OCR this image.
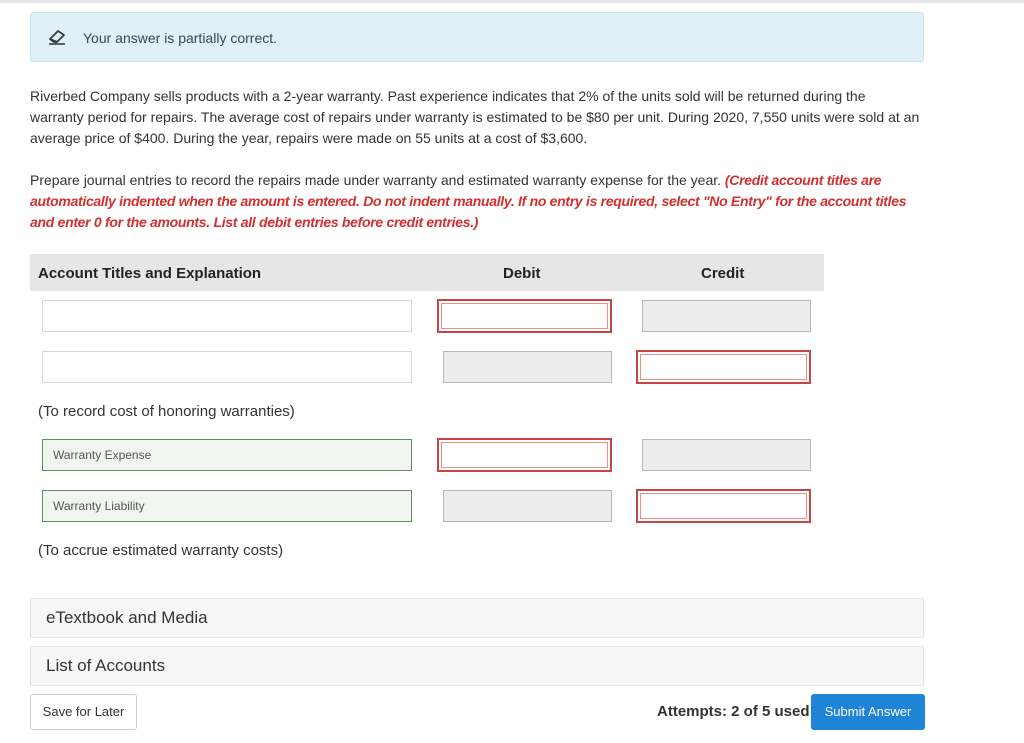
Your answer is partially correct.
Riverbed Company sells products with a 2-year warranty. Past experience indicates that 2% of the units sold will be returned during the warranty period for repairs. The average cost of repairs under warranty is estimated to be $80 per unit. During 2020, 7,550 units were sold at an average price of $400. During the year, repairs were made on 55 units at a cost of $3,600.
Prepare journal entries to record the repairs made under warranty and estimated warranty expense for the year. (Credit account titles are automatically indented when the amount is entered. Do not indent manually. If no entry is required, select "No Entry" for the account titles and enter 0 for the amounts. List all debit entries before credit entries.)
Account Titles and Explanation	Debit	Credit
(To record cost of honoring warranties)
Warranty Expense
Warranty Liability
(To accrue estimated warranty costs)
eTextbook and Media
List of Accounts
Save for Later	Attempts: 2 of 5 used	Submit Answer
